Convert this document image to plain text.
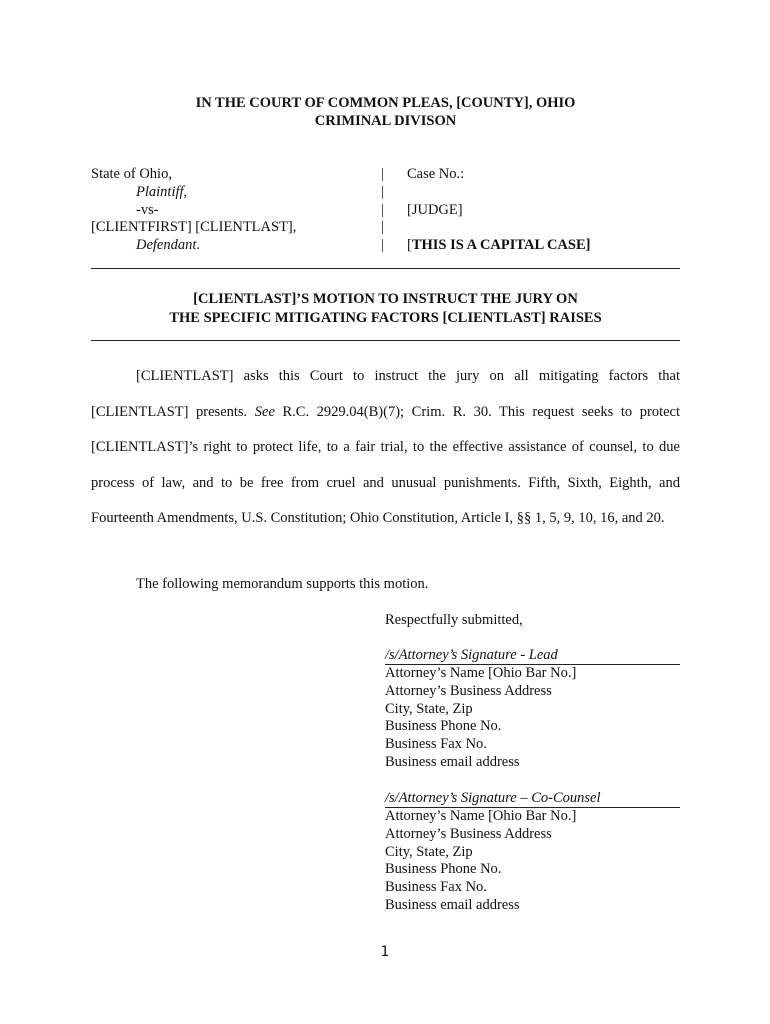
IN THE COURT OF COMMON PLEAS, [COUNTY], OHIO
CRIMINAL DIVISON
State of Ohio,
Plaintiff,
-vs-
[CLIENTFIRST] [CLIENTLAST],
Defendant.
|
|
|
|
|
Case No.:

[JUDGE]

[THIS IS A CAPITAL CASE]
[CLIENTLAST]’S MOTION TO INSTRUCT THE JURY ON
THE SPECIFIC MITIGATING FACTORS [CLIENTLAST] RAISES

[CLIENTLAST] asks this Court to instruct the jury on all mitigating factors that [CLIENTLAST] presents. See R.C. 2929.04(B)(7); Crim. R. 30. This request seeks to protect [CLIENTLAST]’s right to protect life, to a fair trial, to the effective assistance of counsel, to due process of law, and to be free from cruel and unusual punishments. Fifth, Sixth, Eighth, and Fourteenth Amendments, U.S. Constitution; Ohio Constitution, Article I, §§ 1, 5, 9, 10, 16, and 20.

The following memorandum supports this motion.
Respectfully submitted,
/s/Attorney’s Signature - Lead
Attorney’s Name [Ohio Bar No.]
Attorney’s Business Address
City, State, Zip
Business Phone No.
Business Fax No.
Business email address
/s/Attorney’s Signature – Co-Counsel
Attorney’s Name [Ohio Bar No.]
Attorney’s Business Address
City, State, Zip
Business Phone No.
Business Fax No.
Business email address
1
